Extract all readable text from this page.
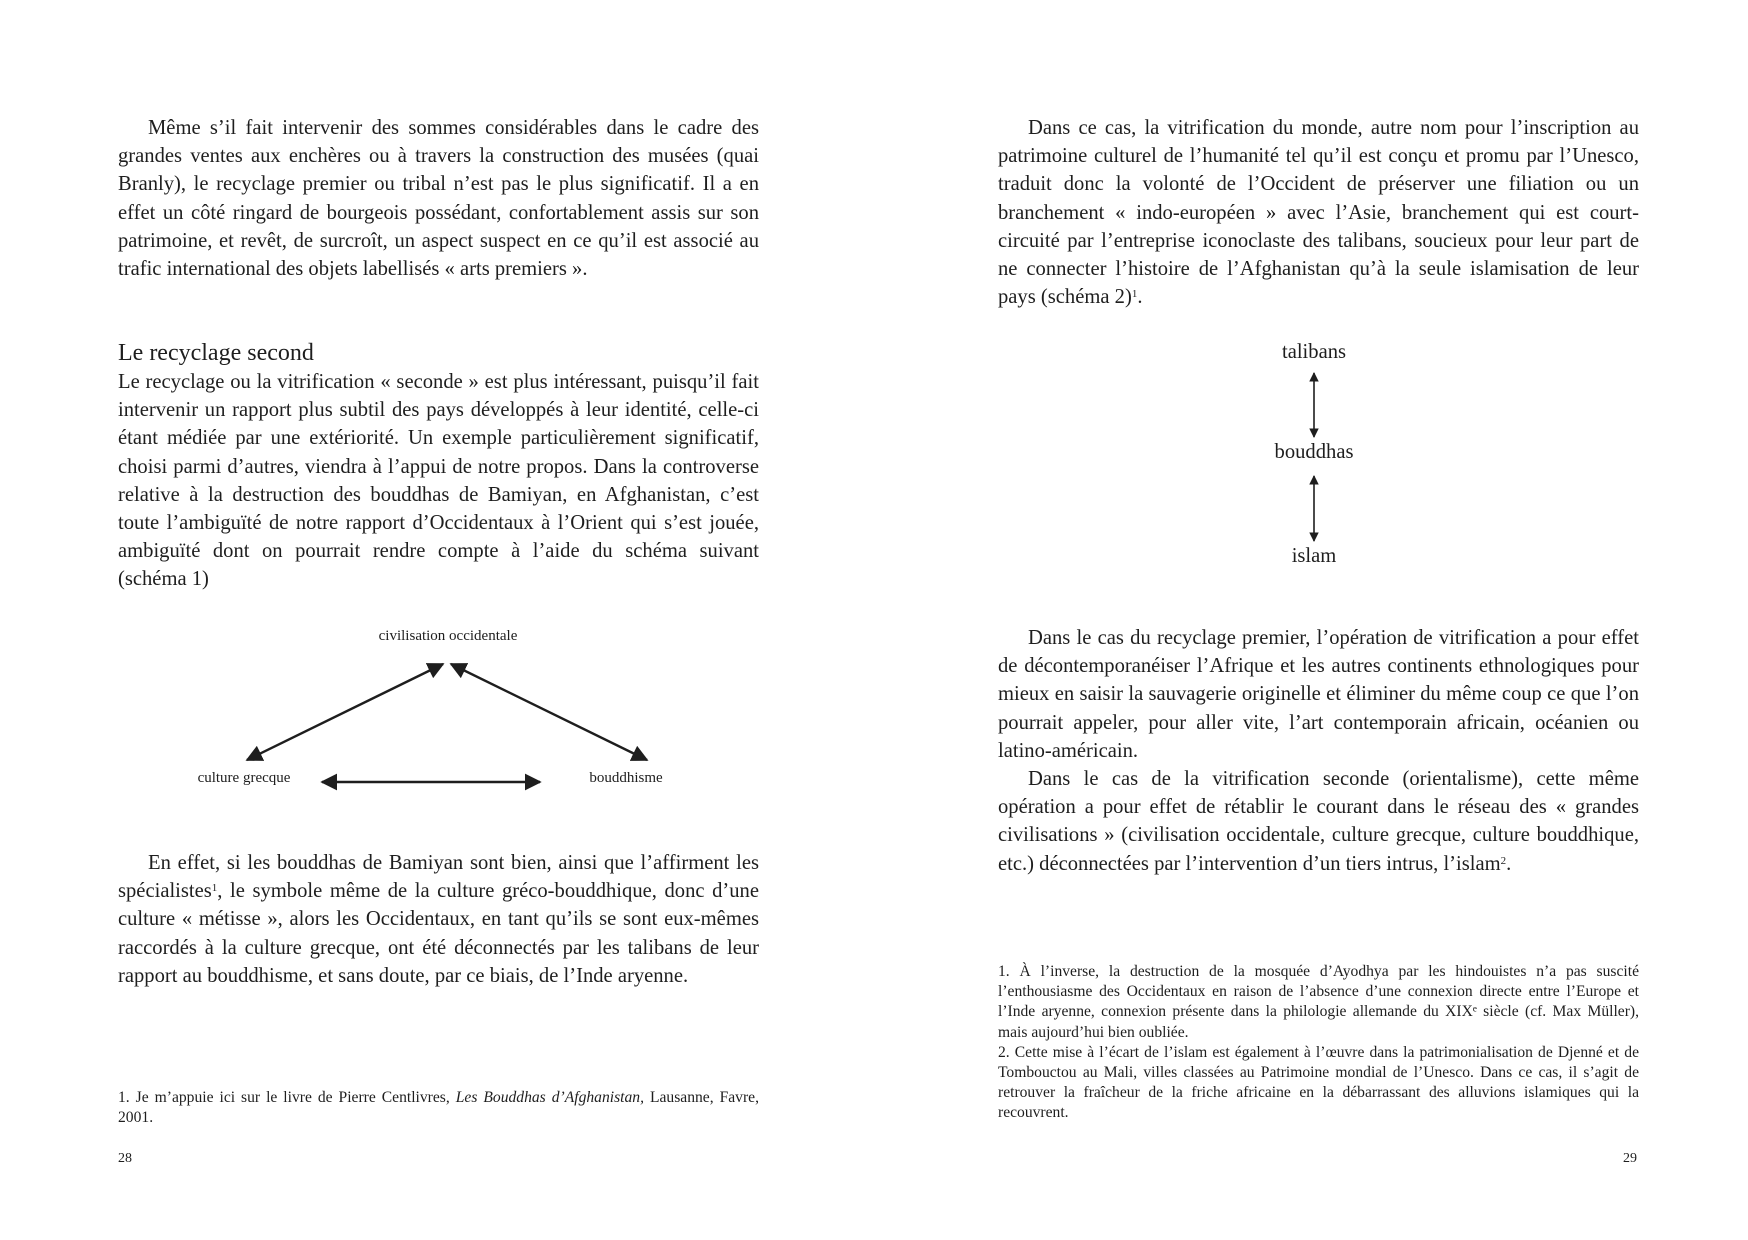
Même s’il fait intervenir des sommes considérables dans le cadre des grandes ventes aux enchères ou à travers la construction des musées (quai Branly), le recyclage premier ou tribal n’est pas le plus significatif. Il a en effet un côté ringard de bourgeois possédant, confortablement assis sur son patrimoine, et revêt, de surcroît, un aspect suspect en ce qu’il est associé au trafic international des objets labellisés « arts premiers ».

Le recyclage second

Le recyclage ou la vitrification « seconde » est plus intéressant, puisqu’il fait intervenir un rapport plus subtil des pays développés à leur identité, celle-ci étant médiée par une extériorité. Un exemple particulièrement significatif, choisi parmi d’autres, viendra à l’appui de notre propos. Dans la controverse relative à la destruction des bouddhas de Bamiyan, en Afghanistan, c’est toute l’ambiguïté de notre rapport d’Occidentaux à l’Orient qui s’est jouée, ambiguïté dont on pourrait rendre compte à l’aide du schéma suivant (schéma 1)

civilisation occidentale
culture grecque	bouddhisme

En effet, si les bouddhas de Bamiyan sont bien, ainsi que l’affirment les spécialistes$^1$, le symbole même de la culture gréco-bouddhique, donc d’une culture « métisse », alors les Occidentaux, en tant qu’ils se sont eux-mêmes raccordés à la culture grecque, ont été déconnectés par les talibans de leur rapport au bouddhisme, et sans doute, par ce biais, de l’Inde aryenne.

1. Je m’appuie ici sur le livre de Pierre Centlivres, Les Bouddhas d’Afghanistan, Lausanne, Favre, 2001.

28

Dans ce cas, la vitrification du monde, autre nom pour l’inscription au patrimoine culturel de l’humanité tel qu’il est conçu et promu par l’Unesco, traduit donc la volonté de l’Occident de préserver une filiation ou un branchement « indo-européen » avec l’Asie, branchement qui est court-circuité par l’entreprise iconoclaste des talibans, soucieux pour leur part de ne connecter l’histoire de l’Afghanistan qu’à la seule islamisation de leur pays (schéma 2)$^1$.

talibans
bouddhas
islam

Dans le cas du recyclage premier, l’opération de vitrification a pour effet de décontemporanéiser l’Afrique et les autres continents ethnologiques pour mieux en saisir la sauvagerie originelle et éliminer du même coup ce que l’on pourrait appeler, pour aller vite, l’art contemporain africain, océanien ou latino-américain.

Dans le cas de la vitrification seconde (orientalisme), cette même opération a pour effet de rétablir le courant dans le réseau des « grandes civilisations » (civilisation occidentale, culture grecque, culture bouddhique, etc.) déconnectées par l’intervention d’un tiers intrus, l’islam$^2$.

1. À l’inverse, la destruction de la mosquée d’Ayodhya par les hindouistes n’a pas suscité l’enthousiasme des Occidentaux en raison de l’absence d’une connexion directe entre l’Europe et l’Inde aryenne, connexion présente dans la philologie allemande du XIXᵉ siècle (cf. Max Müller), mais aujourd’hui bien oubliée.

2. Cette mise à l’écart de l’islam est également à l’œuvre dans la patrimonialisation de Djenné et de Tombouctou au Mali, villes classées au Patrimoine mondial de l’Unesco. Dans ce cas, il s’agit de retrouver la fraîcheur de la friche africaine en la débarrassant des alluvions islamiques qui la recouvrent.

29
